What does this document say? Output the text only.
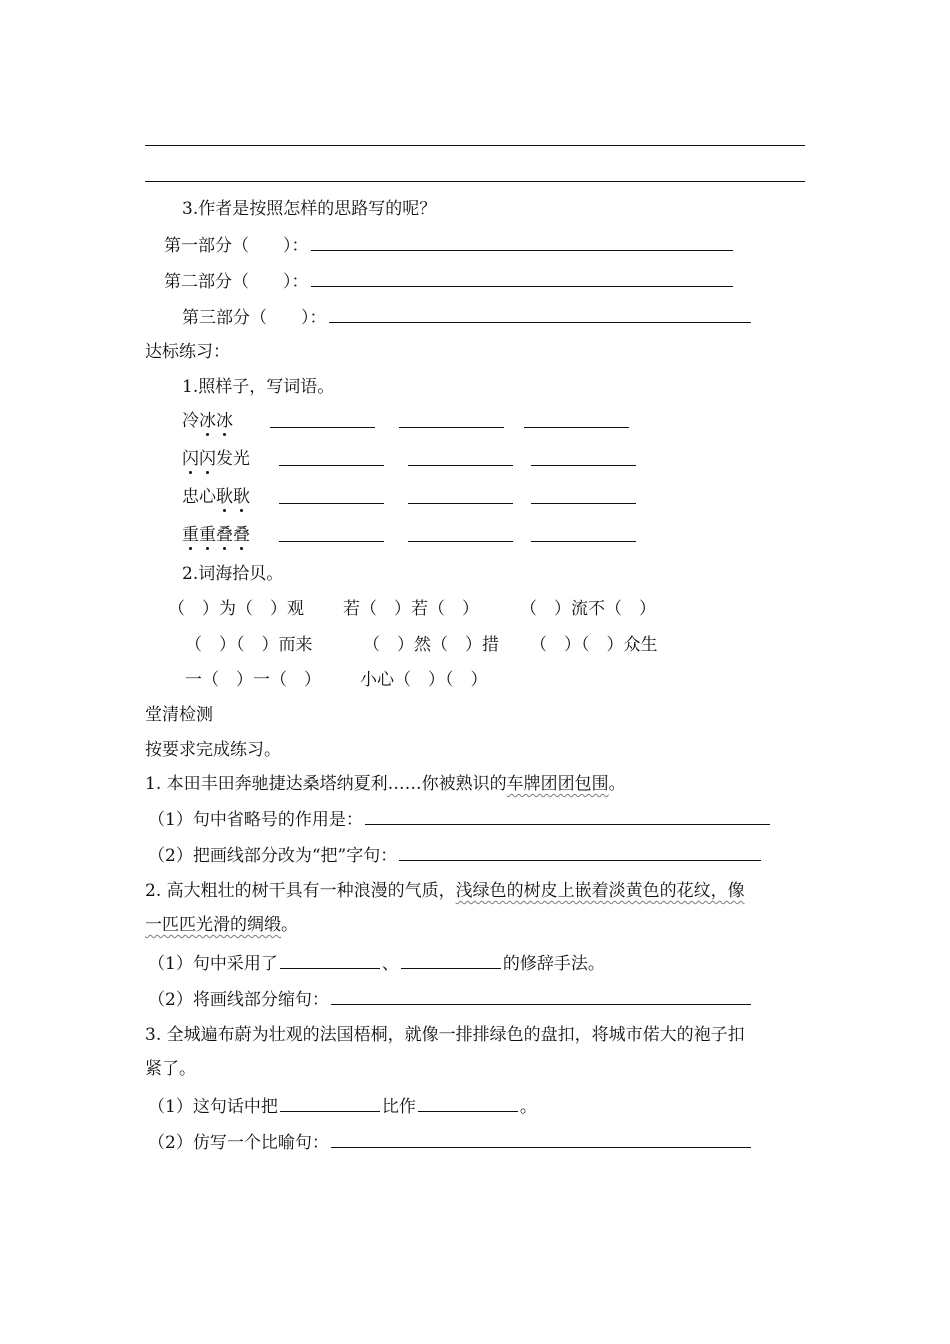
3.作者是按照怎样的思路写的呢？
第一部分（　　）：
第二部分（　　）：
第三部分（　　）：
达标练习：
1.照样子，写词语。
冷冰冰
闪闪发光
忠心耿耿
重重叠叠
2.词海拾贝。
（　）为（　）观 若（　）若（　） （　）流不（　）
（　）（　）而来	（　）然（　）措 （　）（　）众生
一（　）一（　） 小心（　）（　）
堂清检测
按要求完成练习。
1. 本田丰田奔驰捷达桑塔纳夏利……你被熟识的车牌团团包围。
（1）句中省略号的作用是：
（2）把画线部分改为“把”字句：
2. 高大粗壮的树干具有一种浪漫的气质，浅绿色的树皮上嵌着淡黄色的花纹，像
一匹匹光滑的绸缎。
（1）句中采用了	、	的修辞手法。
（2）将画线部分缩句：
3. 全城遍布蔚为壮观的法国梧桐，就像一排排绿色的盘扣，将城市偌大的袍子扣
紧了。
（1）这句话中把	比作	。
（2）仿写一个比喻句：
